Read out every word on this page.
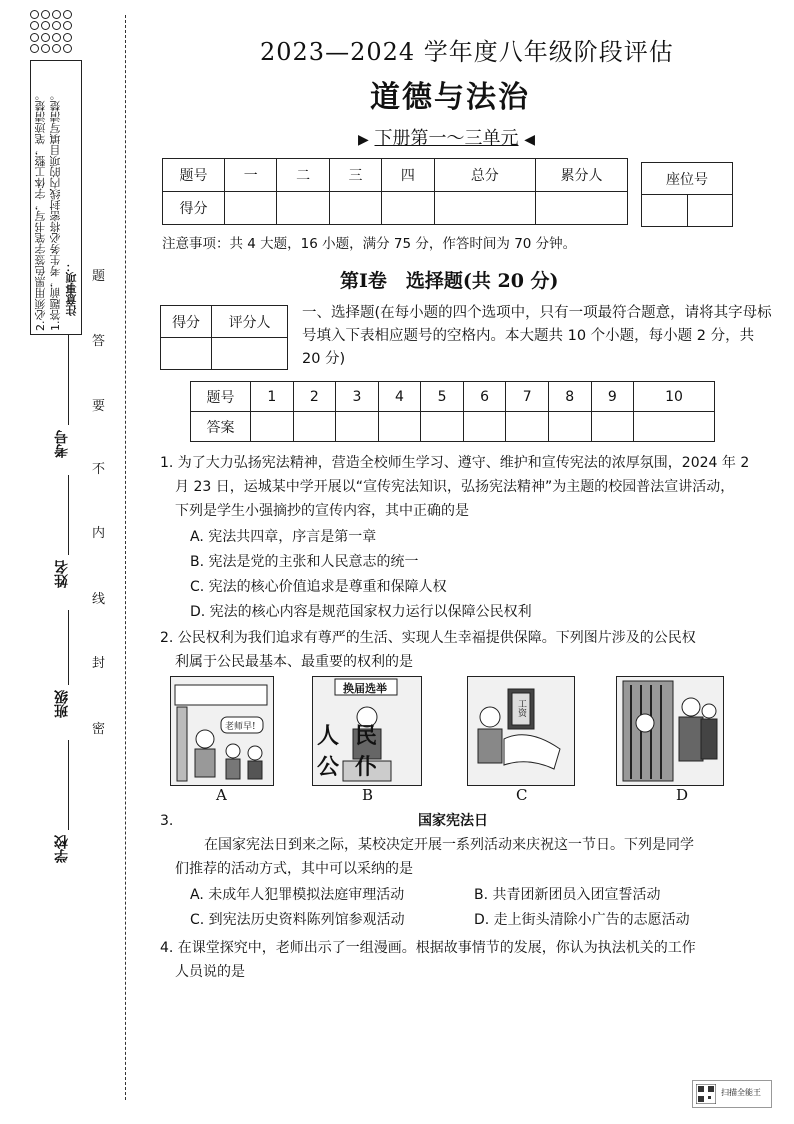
注意事项：
1.答题前，考生务必将密封线内的项目填写清楚。
2.必须用黑色签字笔书写，字体工整，笔迹清楚。	题
答
要
不
内
线
封
密
考号
姓名
班级
学校
2023—2024 学年度八年级阶段评估
道德与法治
▶ 下册第一～三单元 ◀
题号	一	二	三	四	总分	累分人
得分						
座位号

注意事项：共 4 大题，16 小题，满分 75 分，作答时间为 70 分钟。
第Ⅰ卷　选择题(共 20 分)
得分	评分人

一、选择题(在每小题的四个选项中，只有一项最符合题意，请将其字母标号填入下表相应题号的空格内。本大题共 10 个小题，每小题 2 分，共 20 分)
题号	1	2	3	4	5	6	7	8	9	10
答案										
1. 为了大力弘扬宪法精神，营造全校师生学习、遵守、维护和宣传宪法的浓厚氛围，2024 年 2
月 23 日，运城某中学开展以“宣传宪法知识，弘扬宪法精神”为主题的校园普法宣讲活动，
下列是学生小强摘抄的宣传内容，其中正确的是
A. 宪法共四章，序言是第一章
B. 宪法是党的主张和人民意志的统一
C. 宪法的核心价值追求是尊重和保障人权
D. 宪法的核心内容是规范国家权力运行以保障公民权利
2. 公民权利为我们追求有尊严的生活、实现人生幸福提供保障。下列图片涉及的公民权
利属于公民最基本、最重要的权利的是
老师早!
A
换届选举
人民公仆
B
工资
C	D
3.	国家宪法日
在国家宪法日到来之际，某校决定开展一系列活动来庆祝这一节日。下列是同学
们推荐的活动方式，其中可以采纳的是
A. 未成年人犯罪模拟法庭审理活动	B. 共青团新团员入团宣誓活动
C. 到宪法历史资料陈列馆参观活动	D. 走上街头清除小广告的志愿活动
4. 在课堂探究中，老师出示了一组漫画。根据故事情节的发展，你认为执法机关的工作
人员说的是
扫描全能王
